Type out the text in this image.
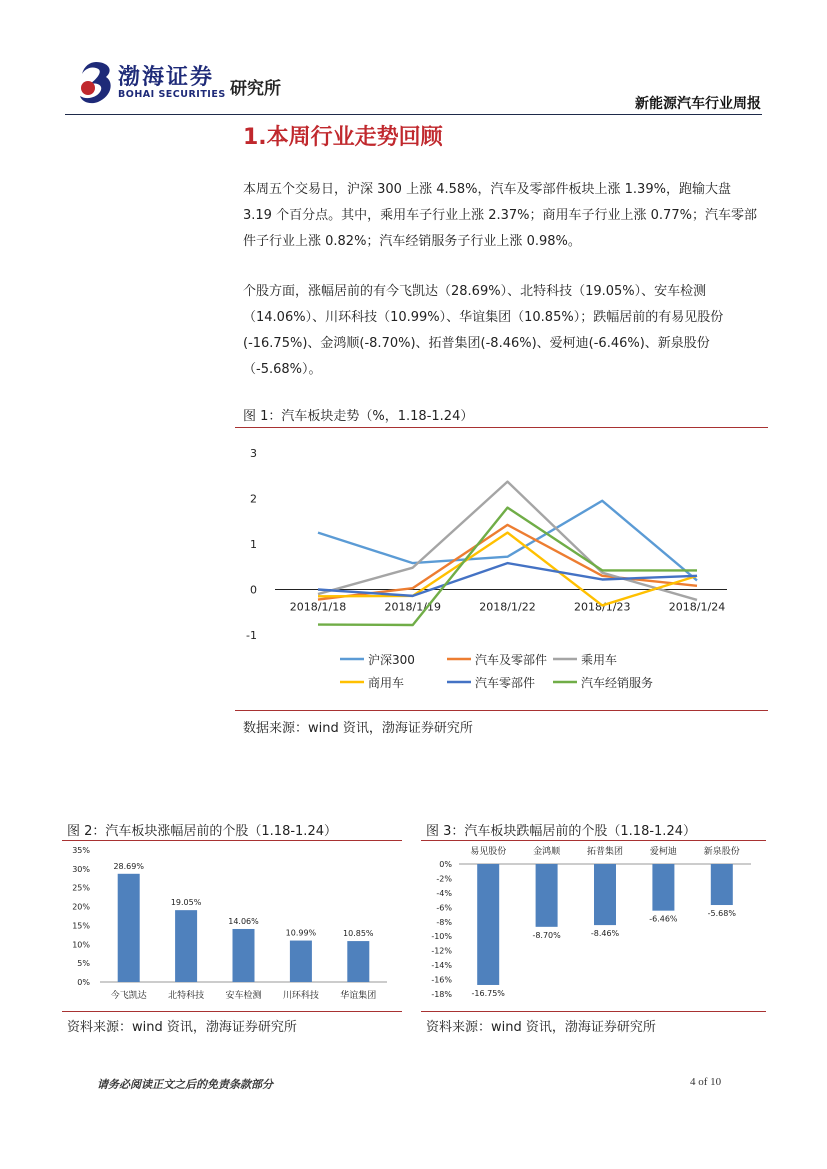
渤海证券
BOHAI SECURITIES 研究所
新能源汽车行业周报
1.本周行业走势回顾
本周五个交易日，沪深 300 上涨 4.58%，汽车及零部件板块上涨 1.39%，跑输大盘 3.19 个百分点。其中，乘用车子行业上涨 2.37%；商用车子行业上涨 0.77%；汽车零部件子行业上涨 0.82%；汽车经销服务子行业上涨 0.98%。
个股方面，涨幅居前的有今飞凯达（28.69%）、北特科技（19.05%）、安车检测（14.06%）、川环科技（10.99%）、华谊集团（10.85%）；跌幅居前的有易见股份(-16.75%)、金鸿顺(-8.70%)、拓普集团(-8.46%)、爱柯迪(-6.46%)、新泉股份（-5.68%）。
图 1：汽车板块走势（%，1.18-1.24）
-1
0
1
2
3
2018/1/18	2018/1/19	2018/1/22	2018/1/23	2018/1/24
沪深300	汽车及零部件	乘用车
商用车	汽车零部件	汽车经销服务
数据来源：wind 资讯，渤海证券研究所
图 2：汽车板块涨幅居前的个股（1.18-1.24）
0%
5%
10%
15%
20%
25%
30%
35%
28.69%
今飞凯达
19.05%
北特科技
14.06%
安车检测
10.99%
川环科技
10.85%
华谊集团
资料来源：wind 资讯，渤海证券研究所
图 3：汽车板块跌幅居前的个股（1.18-1.24）
0%
-2%
-4%
-6%
-8%
-10%
-12%
-14%
-16%
-18% -16.75%
易见股份
-8.70%
金鸿顺
-8.46%
拓普集团
-6.46%
爱柯迪
-5.68%
新泉股份
资料来源：wind 资讯，渤海证券研究所
请务必阅读正文之后的免责条款部分	4 of 10
